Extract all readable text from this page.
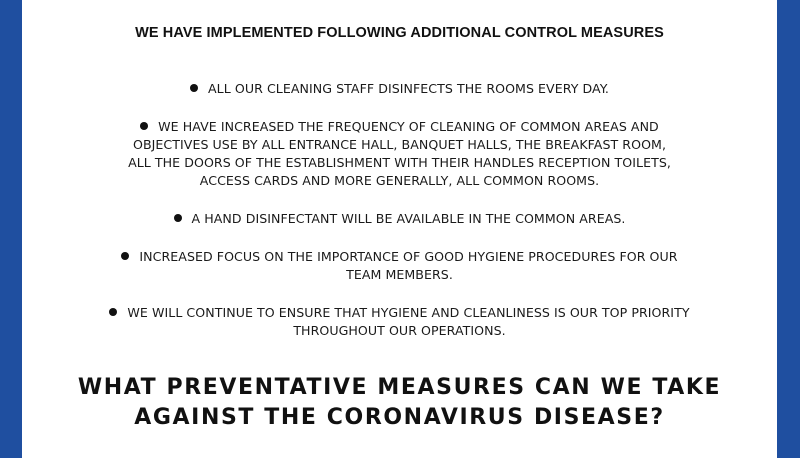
WE HAVE IMPLEMENTED FOLLOWING ADDITIONAL CONTROL MEASURES
ALL OUR CLEANING STAFF DISINFECTS THE ROOMS EVERY DAY.
WE HAVE INCREASED THE FREQUENCY OF CLEANING OF COMMON AREAS AND
OBJECTIVES USE BY ALL ENTRANCE HALL, BANQUET HALLS, THE BREAKFAST ROOM,
ALL THE DOORS OF THE ESTABLISHMENT WITH THEIR HANDLES RECEPTION TOILETS,
ACCESS CARDS AND MORE GENERALLY, ALL COMMON ROOMS.
A HAND DISINFECTANT WILL BE AVAILABLE IN THE COMMON AREAS.
INCREASED FOCUS ON THE IMPORTANCE OF GOOD HYGIENE PROCEDURES FOR OUR
TEAM MEMBERS.
WE WILL CONTINUE TO ENSURE THAT HYGIENE AND CLEANLINESS IS OUR TOP PRIORITY
THROUGHOUT OUR OPERATIONS.
WHAT PREVENTATIVE MEASURES CAN WE TAKE
AGAINST THE CORONAVIRUS DISEASE?
